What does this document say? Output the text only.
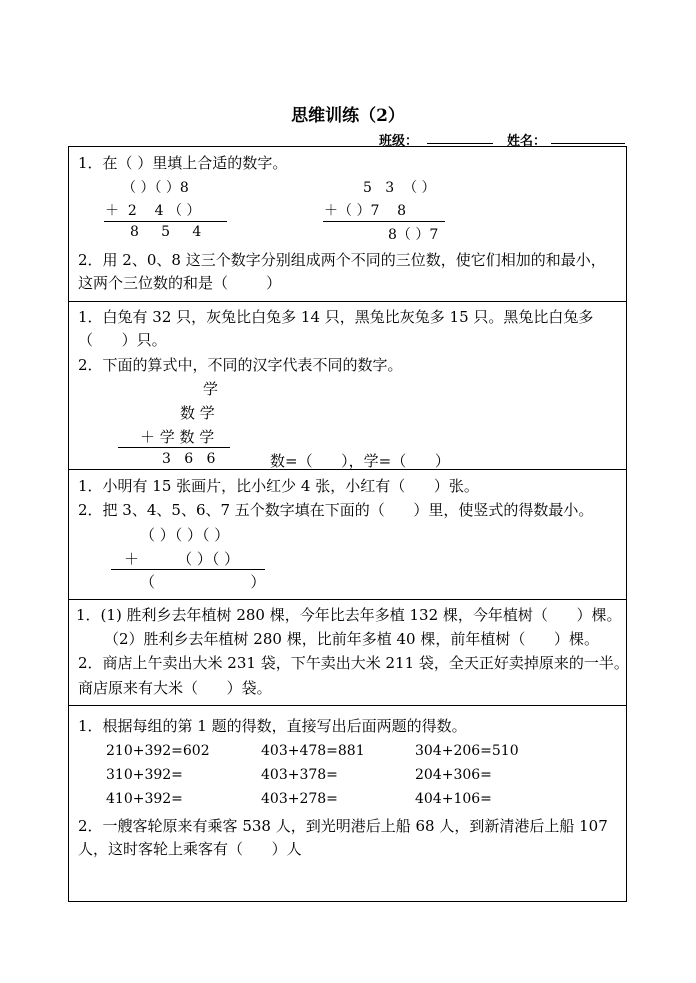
思维训练（2）
班级：	姓名：
1．在（ ）里填上合适的数字。
（ ）（ ）8
＋  2    4 （ ）
8     5     4
5   3  （ ）
＋（ ）7    8
8（ ）7
2．用 2、0、8 这三个数字分别组成两个不同的三位数，使它们相加的和最小，
这两个三位数的和是（        ）
1．白兔有 32 只，灰兔比白兔多 14 只，黑兔比灰兔多 15 只。黑兔比白兔多
（      ）只。
2．下面的算式中，不同的汉字代表不同的数字。
学
数 学
＋ 学 数 学
3   6   6	数=（      ），学=（      ）
1．小明有 15 张画片，比小红少 4 张，小红有（      ）张。
2．把 3、4、5、6、7 五个数字填在下面的（      ）里，使竖式的得数最小。
（ ）（ ）（ ）
＋        （ ）（ ）
（                    ）
1．(1) 胜利乡去年植树 280 棵，今年比去年多植 132 棵，今年植树（      ）棵。
（2）胜利乡去年植树 280 棵，比前年多植 40 棵，前年植树（      ）棵。
2．商店上午卖出大米 231 袋，下午卖出大米 211 袋，全天正好卖掉原来的一半。
商店原来有大米（      ）袋。
1．根据每组的第 1 题的得数，直接写出后面两题的得数。
210+392=602	403+478=881	304+206=510
310+392=	403+378=	204+306=
410+392=	403+278=	404+106=
2．一艘客轮原来有乘客 538 人，到光明港后上船 68 人，到新清港后上船 107
人，这时客轮上乘客有（      ）人
